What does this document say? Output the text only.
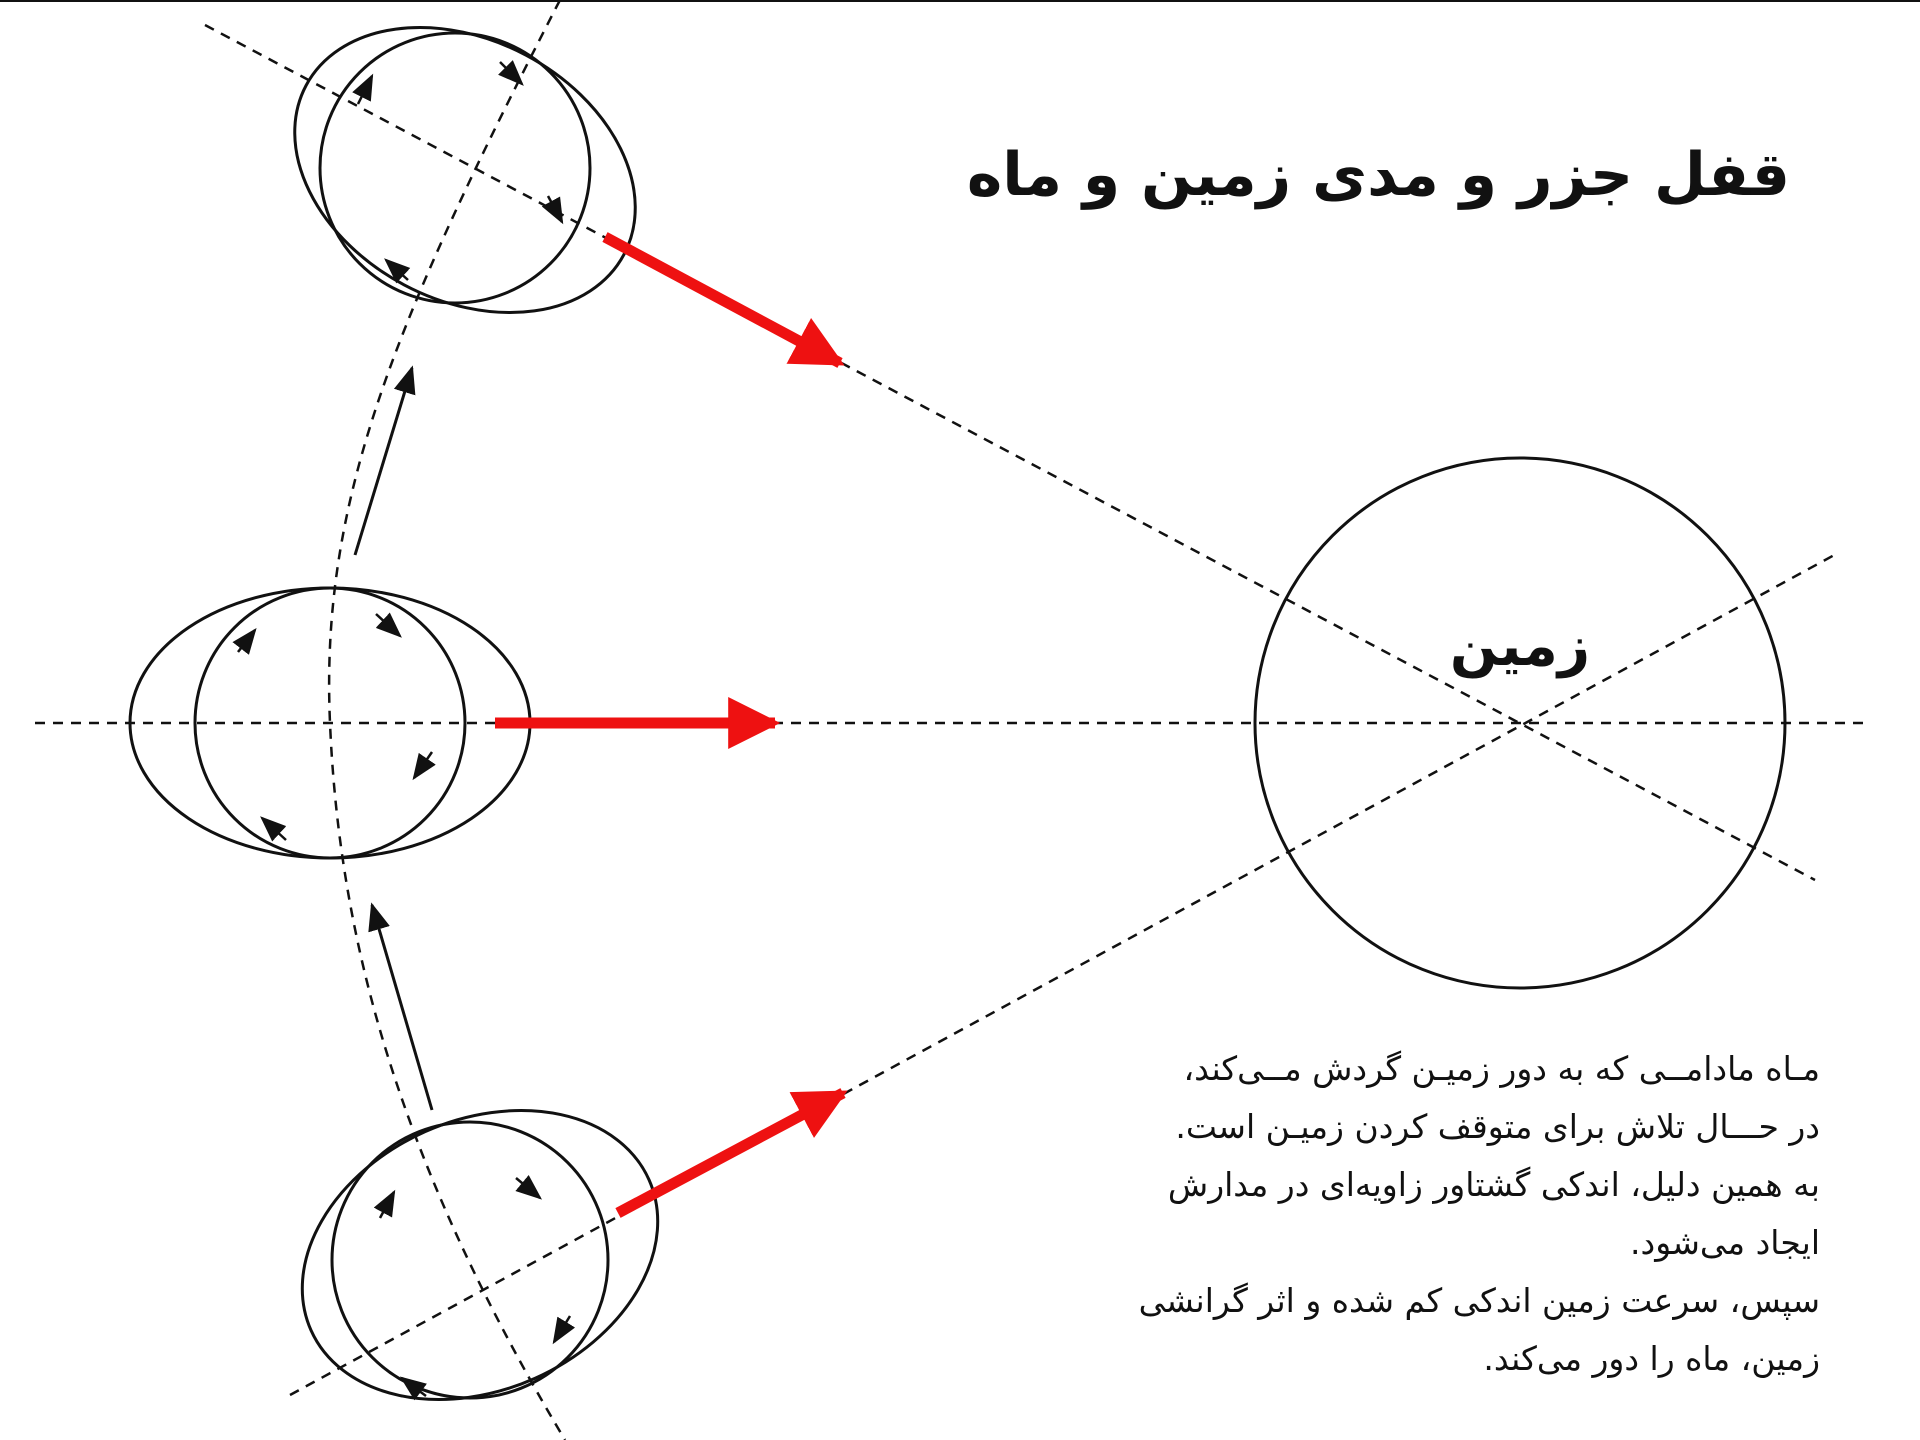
زمین
قفل جزر و مدی زمین و ماه
مـاه مادامــی که به دور زمیـن گردش مــی‌کند،
در حـــال تلاش برای متوقف کردن زمیـن است.
به همین دلیل، اندکی گشتاور زاویه‌ای در مدارش
ایجاد می‌شود.
سپس، سرعت زمین اندکی کم شده و اثر گرانشی
زمین، ماه را دور می‌کند.
